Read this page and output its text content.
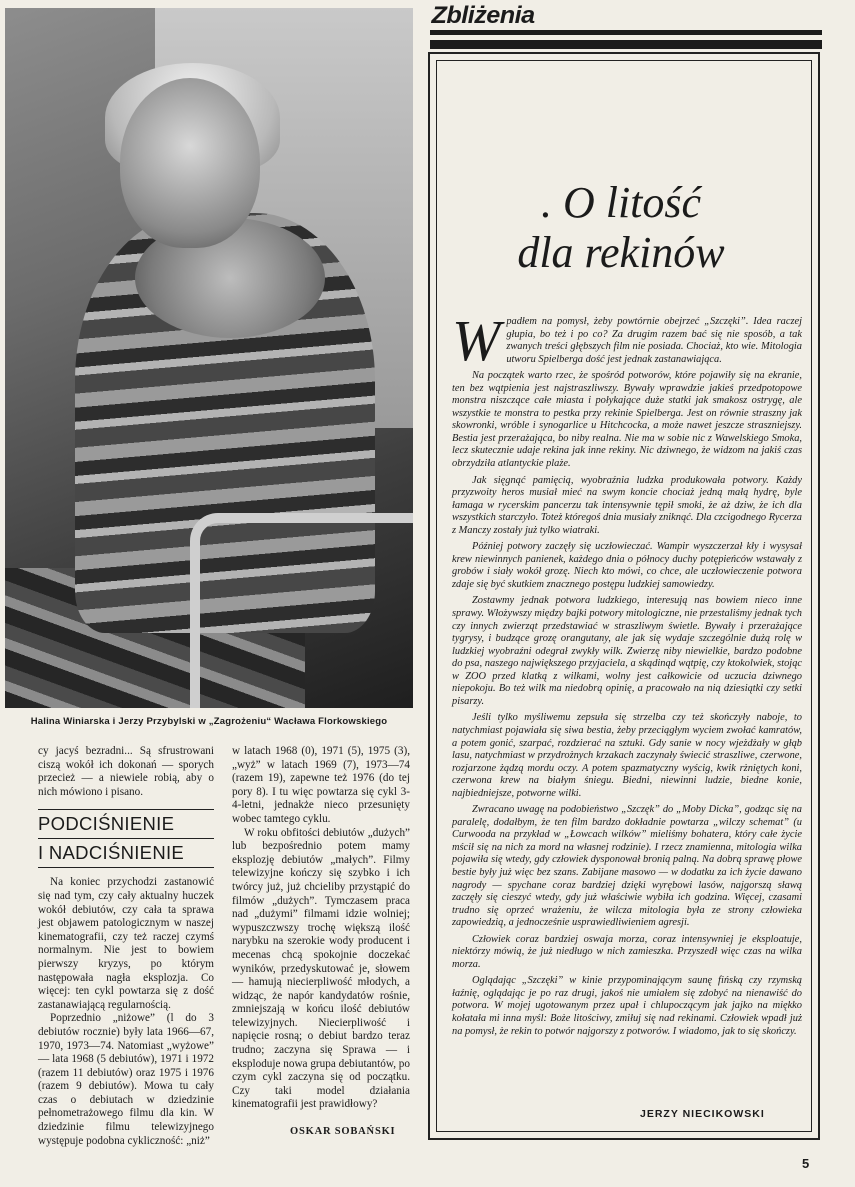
Halina Winiarska i Jerzy Przybylski w „Zagrożeniu“ Wacława Florkowskiego

cy jacyś bezradni... Są sfrustrowani ciszą wokół ich dokonań — sporych przecież — a niewiele robią, aby o nich mówiono i pisano.

PODCIŚNIENIE
I NADCIŚNIENIE

Na koniec przychodzi zastanowić się nad tym, czy cały aktualny huczek wokół debiutów, czy cała ta sprawa jest objawem patologicznym w naszej kinematografii, czy też raczej czymś normalnym. Nie jest to bowiem pierwszy kryzys, po którym następowała nagła eksplozja. Co więcej: ten cykl powtarza się z dość zastanawiającą regularnością.

Poprzednio „niżowe” (l do 3 debiutów rocznie) były lata 1966—67, 1970, 1973—74. Natomiast „wyżowe” — lata 1968 (5 debiutów), 1971 i 1972 (razem 11 debiutów) oraz 1975 i 1976 (razem 9 debiutów). Mowa tu cały czas o debiutach w dziedzinie pełnometrażowego filmu dla kin. W dziedzinie filmu telewizyjnego występuje podobna cykliczność: „niż”

w latach 1968 (0), 1971 (5), 1975 (3), „wyż” w latach 1969 (7), 1973—74 (razem 19), zapewne też 1976 (do tej pory 8). I tu więc powtarza się cykl 3- 4-letni, jednakże nieco przesunięty wobec tamtego cyklu.

W roku obfitości debiutów „dużych” lub bezpośrednio potem mamy eksplozję debiutów „małych”. Filmy telewizyjne kończy się szybko i ich twórcy już, już chcieliby przystąpić do filmów „dużych”. Tymczasem praca nad „dużymi” filmami idzie wolniej; wypuszczwszy trochę większą ilość narybku na szerokie wody producent i mecenas chcą spokojnie doczekać wyników, przedyskutować je, słowem — hamują niecierpliwość młodych, a widząc, że napór kandydatów rośnie, zmniejszają w końcu ilość debiutów telewizyjnych. Niecierpliwość i napięcie rosną; o debiut bardzo teraz trudno; zaczyna się Sprawa — i eksploduje nowa grupa debiutantów, po czym cykl zaczyna się od początku. Czy taki model działania kinematografii jest prawidłowy?

OSKAR SOBAŃSKI
Zbliżenia
. O litość
dla rekinów

Wpadłem na pomysł, żeby powtórnie obejrzeć „Szczęki”. Idea raczej głupia, bo też i po co? Za drugim razem bać się nie sposób, a tak zwanych treści głębszych film nie posiada. Chociaż, kto wie. Mitologia utworu Spielberga dość jest jednak zastanawiająca.

Na początek warto rzec, że spośród potworów, które pojawiły się na ekranie, ten bez wątpienia jest najstraszliwszy. Bywały wprawdzie jakieś przedpotopowe monstra niszczące całe miasta i połykające duże statki jak smakosz ostrygę, ale wszystkie te monstra to pestka przy rekinie Spielberga. Jest on równie straszny jak skowronki, wróble i synogarlice u Hitchcocka, a może nawet jeszcze straszniejszy. Bestia jest przerażająca, bo niby realna. Nie ma w sobie nic z Wawelskiego Smoka, lecz skutecznie udaje rekina jak inne rekiny. Nic dziwnego, że widzom na jakiś czas obrzydziła atlantyckie plaże.

Jak sięgnąć pamięcią, wyobraźnia ludzka produkowała potwory. Każdy przyzwoity heros musiał mieć na swym koncie chociaż jedną małą hydrę, byle łamaga w rycerskim pancerzu tak intensywnie tępił smoki, że aż dziw, że ich dla wszystkich starczyło. Toteż któregoś dnia musiały zniknąć. Dla czcigodnego Rycerza z Manczy zostały już tylko wiatraki.

Później potwory zaczęły się uczłowieczać. Wampir wyszczerzał kły i wysysał krew niewinnych panienek, każdego dnia o północy duchy potępieńców wstawały z grobów i siały wokół grozę. Niech kto mówi, co chce, ale uczłowieczenie potwora zdaje się być skutkiem znacznego postępu ludzkiej samowiedzy.

Zostawmy jednak potwora ludzkiego, interesują nas bowiem nieco inne sprawy. Włożywszy między bajki potwory mitologiczne, nie przestaliśmy jednak tych czy innych zwierząt przedstawiać w straszliwym świetle. Bywały i przerażające tygrysy, i budzące grozę orangutany, ale jak się wydaje szczególnie dużą rolę w ludzkiej wyobraźni odegrał zwykły wilk. Zwierzę niby niewielkie, bardzo podobne do psa, naszego największego przyjaciela, a skądinąd wątpię, czy ktokolwiek, stojąc w ZOO przed klatką z wilkami, wolny jest całkowicie od uczucia dziwnego niepokoju. Bo też wilk ma niedobrą opinię, a pracowało na nią dziesiątki czy setki pisarzy.

Jeśli tylko myśliwemu zepsuła się strzelba czy też skończyły naboje, to natychmiast pojawiała się siwa bestia, żeby przeciągłym wyciem zwołać kamratów, a potem gonić, szarpać, rozdzierać na sztuki. Gdy sanie w nocy wjeżdżały w głąb lasu, natychmiast w przydrożnych krzakach zaczynały świecić straszliwe, czerwone, rozjarzone żądzą mordu oczy. A potem spazmatyczny wyścig, kwik rżniętych koni, czerwona krew na białym śniegu. Biedni, niewinni ludzie, biedne konie, najbiedniejsze, potworne wilki.

Zwracano uwagę na podobieństwo „Szczęk” do „Moby Dicka”, godząc się na paralelę, dodałbym, że ten film bardzo dokładnie powtarza „wilczy schemat” (u Curwooda na przykład w „Łowcach wilków” mieliśmy bohatera, który całe życie mścił się na nich za mord na własnej rodzinie). I rzecz znamienna, mitologia wilka pojawiła się wtedy, gdy człowiek dysponował bronią palną. Na dobrą sprawę płowe bestie były już więc bez szans. Zabijane masowo — w dodatku za ich życie dawano nagrody — spychane coraz bardziej dzięki wyrębowi lasów, najgorszą sławą zaczęły się cieszyć wtedy, gdy już właściwie wybiła ich godzina. Więcej, czasami trudno się oprzeć wrażeniu, że wilcza mitologia była ze strony człowieka zapowiedzią, a jednocześnie usprawiedliwieniem agresji.

Człowiek coraz bardziej oswaja morza, coraz intensywniej je eksploatuje, niektórzy mówią, że już niedługo w nich zamieszka. Przyszedł więc czas na wilka morza.

Oglądając „Szczęki” w kinie przypominającym saunę fińską czy rzymską łaźnię, oglądając je po raz drugi, jakoś nie umiałem się zdobyć na nienawiść do potwora. W mojej ugotowanym przez upał i chlupoczącym jak jajko na miękko kołatała mi inna myśl: Boże litościwy, zmiłuj się nad rekinami. Człowiek wpadł już na pomysł, że rekin to potwór najgorszy z potworów. I wiadomo, jak to się skończy.

JERZY NIECIKOWSKI
5
